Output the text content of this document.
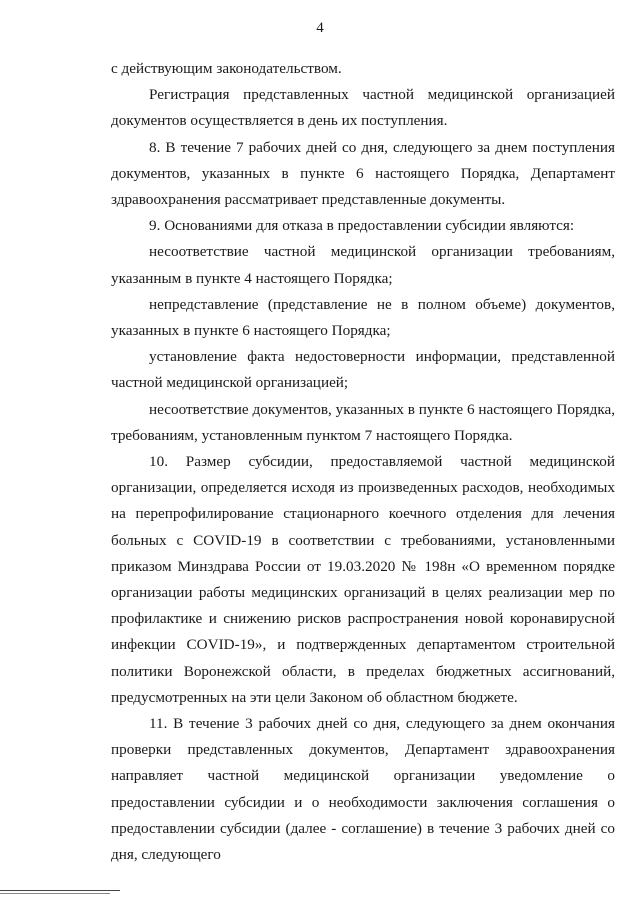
4

с действующим законодательством.

Регистрация представленных частной медицинской организацией документов осуществляется в день их поступления.

8. В течение 7 рабочих дней со дня, следующего за днем поступления документов, указанных в пункте 6 настоящего Порядка, Департамент здравоохранения рассматривает представленные документы.

9. Основаниями для отказа в предоставлении субсидии являются:

несоответствие частной медицинской организации требованиям, указанным в пункте 4 настоящего Порядка;

непредставление (представление не в полном объеме) документов, указанных в пункте 6 настоящего Порядка;

установление факта недостоверности информации, представленной частной медицинской организацией;

несоответствие документов, указанных в пункте 6 настоящего Порядка, требованиям, установленным пунктом 7 настоящего Порядка.

10. Размер субсидии, предоставляемой частной медицинской организации, определяется исходя из произведенных расходов, необходимых на перепрофилирование стационарного коечного отделения для лечения больных с COVID-19 в соответствии с требованиями, установленными приказом Минздрава России от 19.03.2020 № 198н «О временном порядке организации работы медицинских организаций в целях реализации мер по профилактике и снижению рисков распространения новой коронавирусной инфекции COVID-19», и подтвержденных департаментом строительной политики Воронежской области, в пределах бюджетных ассигнований, предусмотренных на эти цели Законом об областном бюджете.

11. В течение 3 рабочих дней со дня, следующего за днем окончания проверки представленных документов, Департамент здравоохранения направляет частной медицинской организации уведомление о предоставлении субсидии и о необходимости заключения соглашения о предоставлении субсидии (далее - соглашение) в течение 3 рабочих дней со дня, следующего
